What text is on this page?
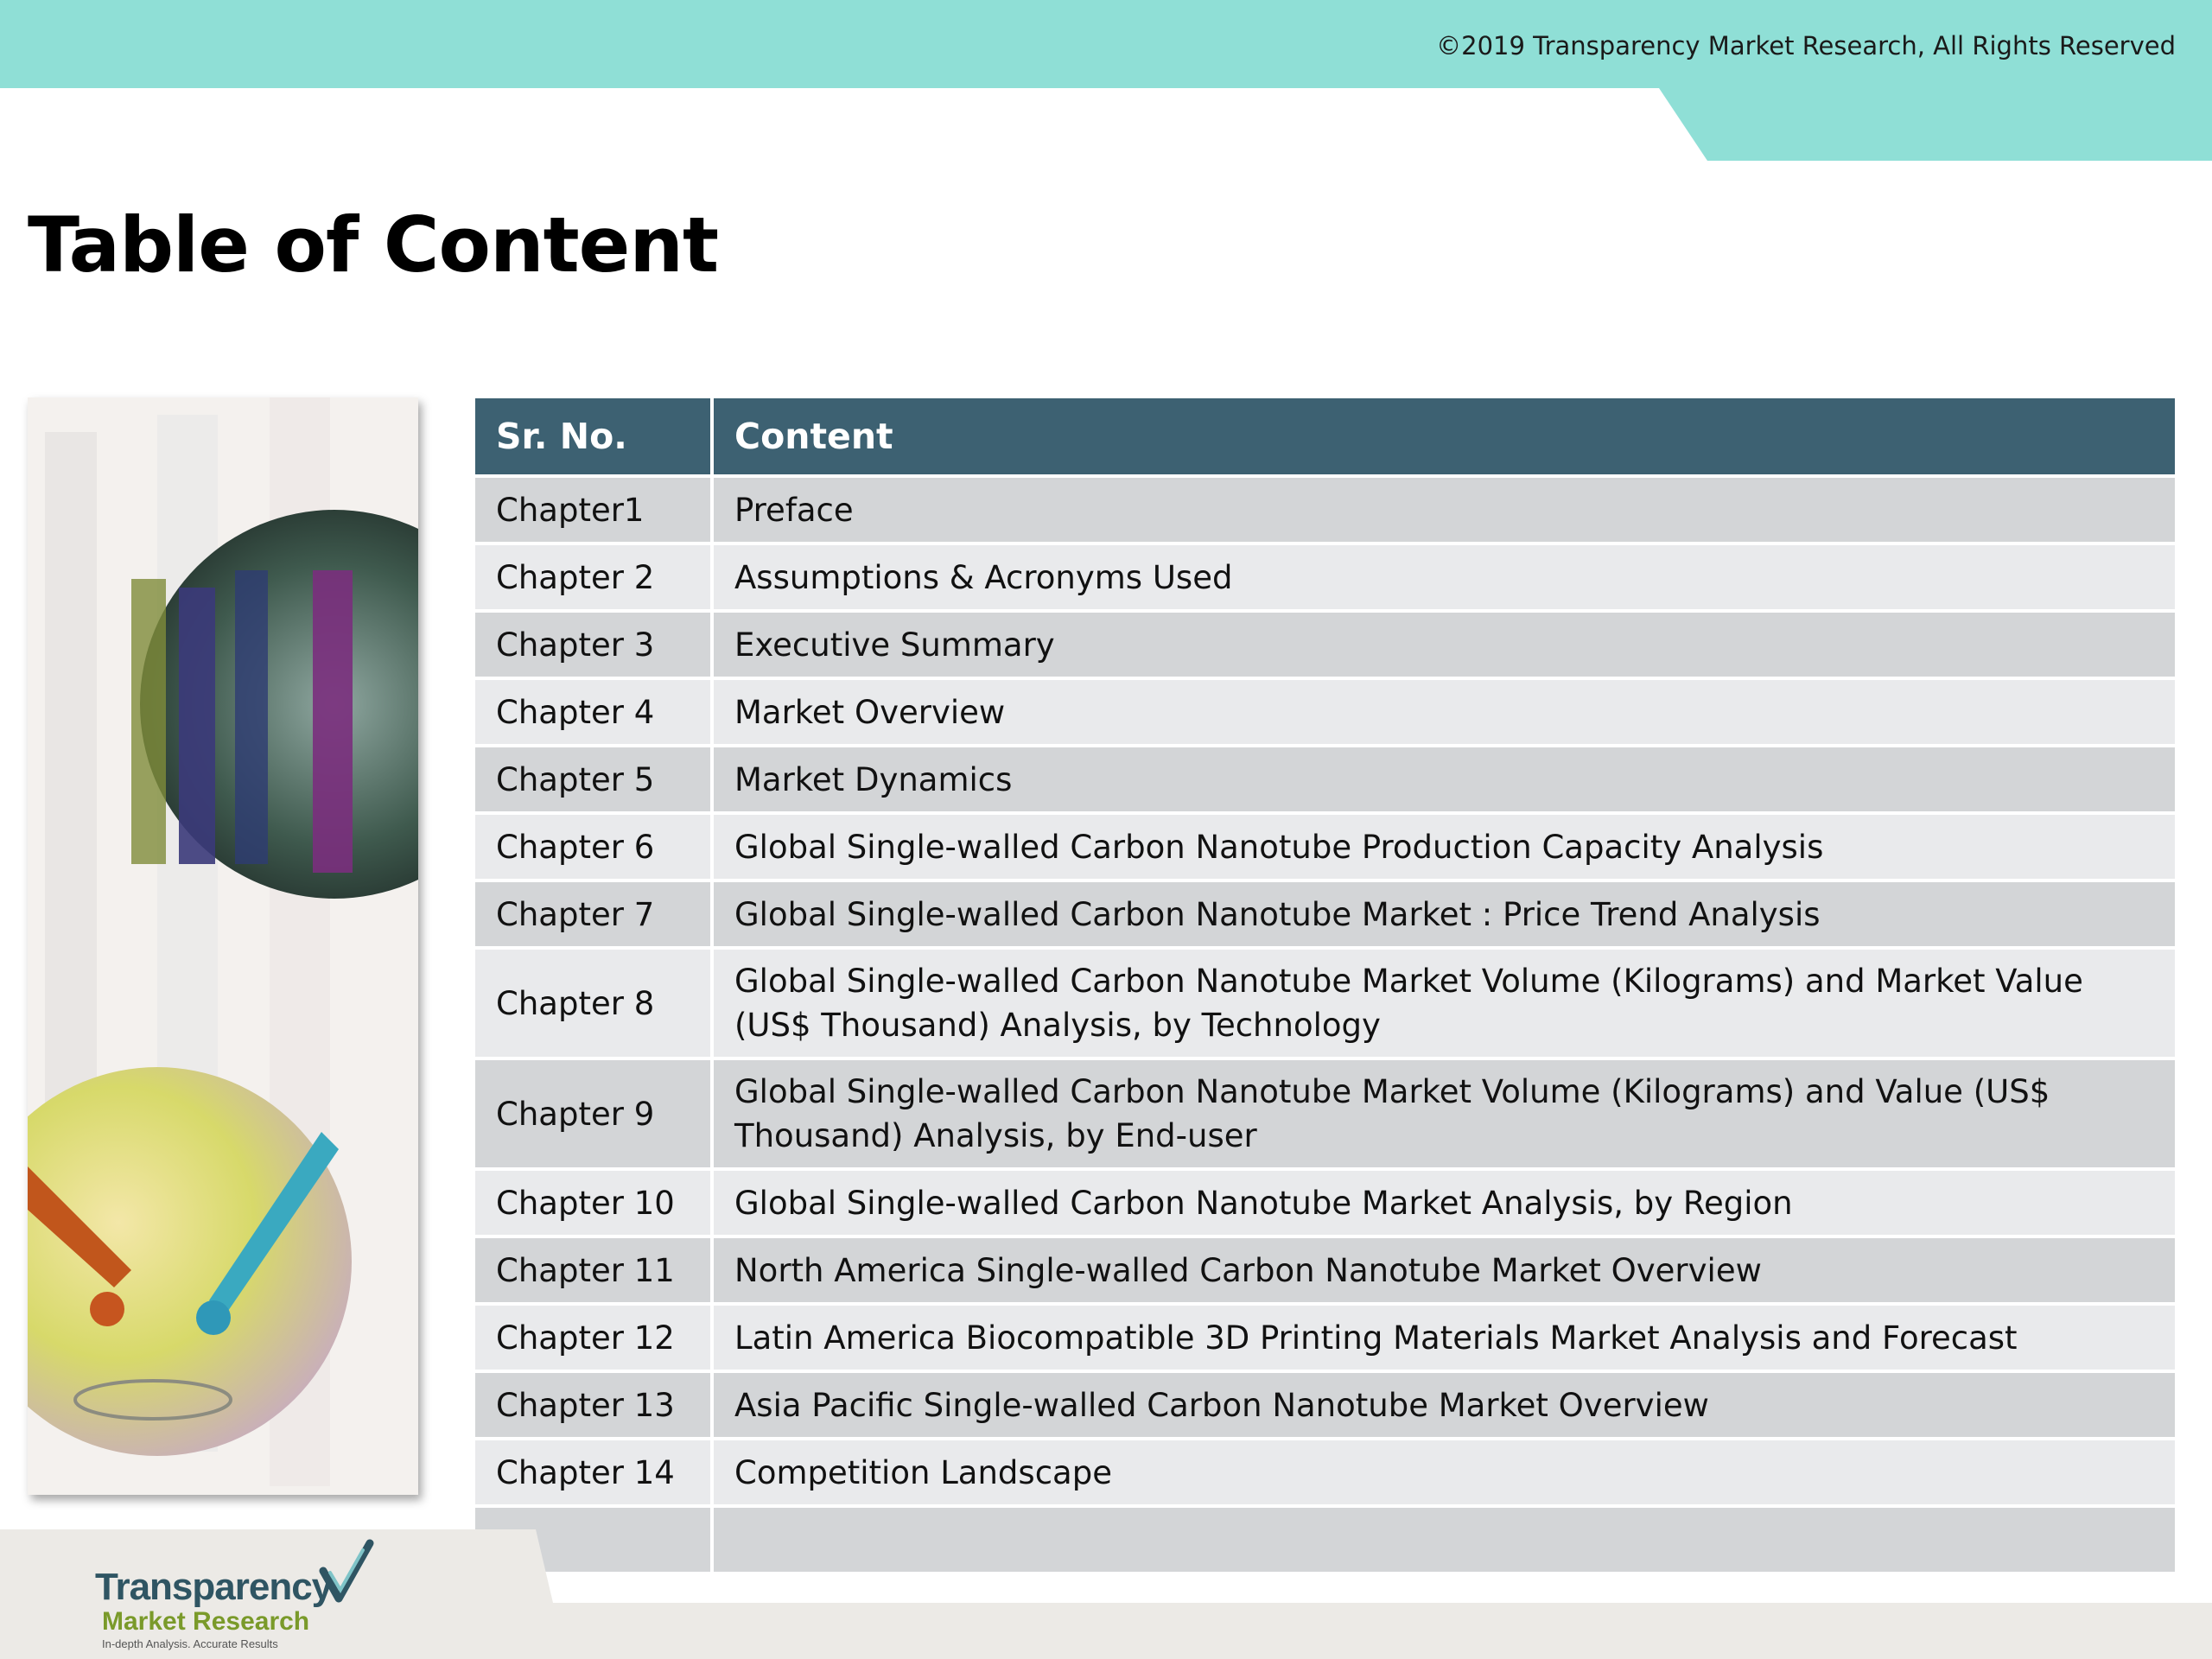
©2019 Transparency Market Research, All Rights Reserved
Table of Content
Sr. No.	Content
Chapter1	Preface
Chapter 2	Assumptions & Acronyms Used
Chapter 3	Executive Summary
Chapter 4	Market Overview
Chapter 5	Market Dynamics
Chapter 6	Global Single-walled Carbon Nanotube Production Capacity Analysis
Chapter 7	Global Single-walled Carbon Nanotube Market : Price Trend Analysis
Chapter 8	Global Single-walled Carbon Nanotube Market Volume (Kilograms) and Market Value (US$ Thousand) Analysis, by Technology
Chapter 9	Global Single-walled Carbon Nanotube Market Volume (Kilograms) and Value (US$ Thousand) Analysis, by End-user
Chapter 10	Global Single-walled Carbon Nanotube Market Analysis, by Region
Chapter 11	North America Single-walled Carbon Nanotube Market Overview
Chapter 12	Latin America Biocompatible 3D Printing Materials Market Analysis and Forecast
Chapter 13	Asia Pacific Single-walled Carbon Nanotube Market Overview
Chapter 14	Competition Landscape

Transparency
Market Research
In-depth Analysis. Accurate Results
